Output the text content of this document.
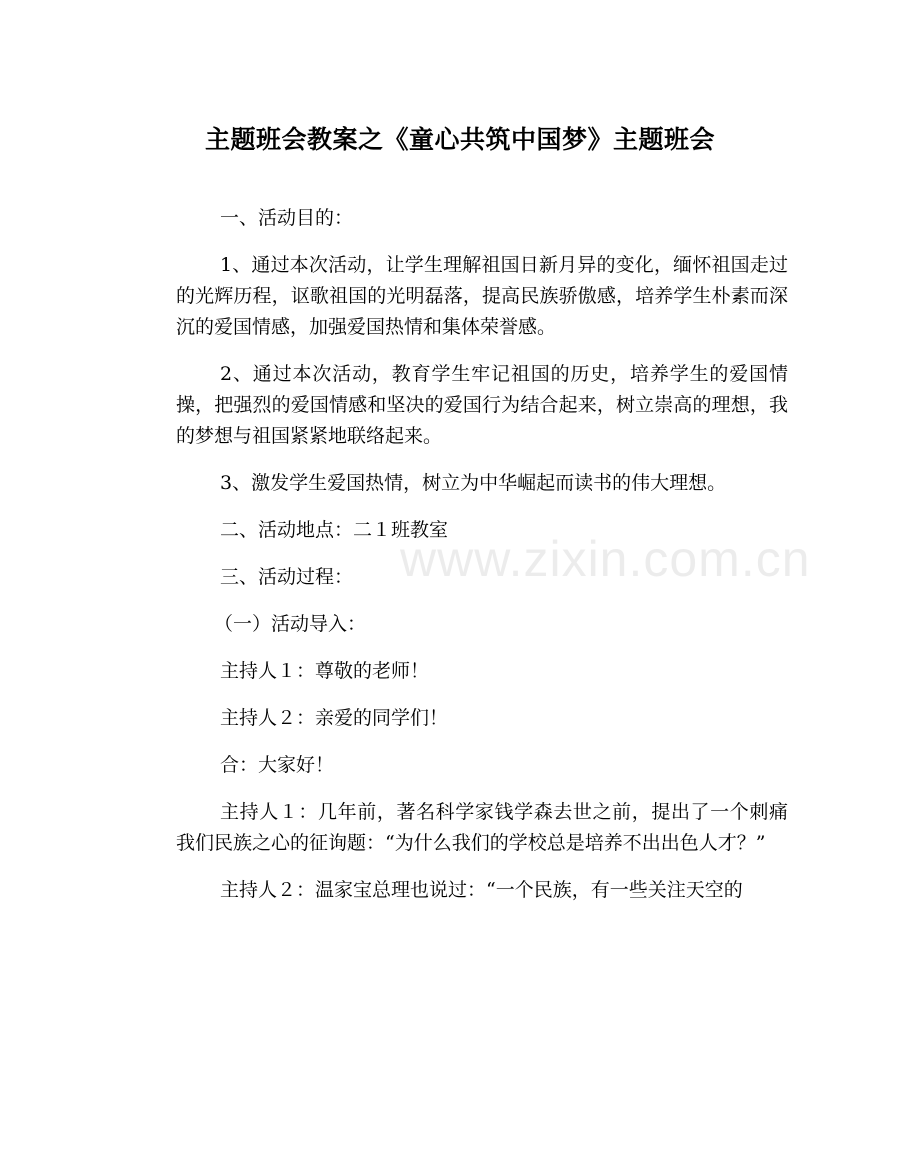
主题班会教案之《童心共筑中国梦》主题班会
www.zixin.com.cn

一、活动目的：

1、通过本次活动，让学生理解祖国日新月异的变化，缅怀祖国走过的光辉历程，讴歌祖国的光明磊落，提高民族骄傲感，培养学生朴素而深沉的爱国情感，加强爱国热情和集体荣誉感。

2、通过本次活动，教育学生牢记祖国的历史，培养学生的爱国情操，把强烈的爱国情感和坚决的爱国行为结合起来，树立崇高的理想，我的梦想与祖国紧紧地联络起来。

3、激发学生爱国热情，树立为中华崛起而读书的伟大理想。

二、活动地点：二１班教室

三、活动过程：

（一）活动导入：

主持人１：尊敬的老师！

主持人２：亲爱的同学们！

合：大家好！

主持人１：几年前，著名科学家钱学森去世之前，提出了一个刺痛我们民族之心的征询题：“为什么我们的学校总是培养不出出色人才？”

主持人２：温家宝总理也说过：“一个民族，有一些关注天空的
